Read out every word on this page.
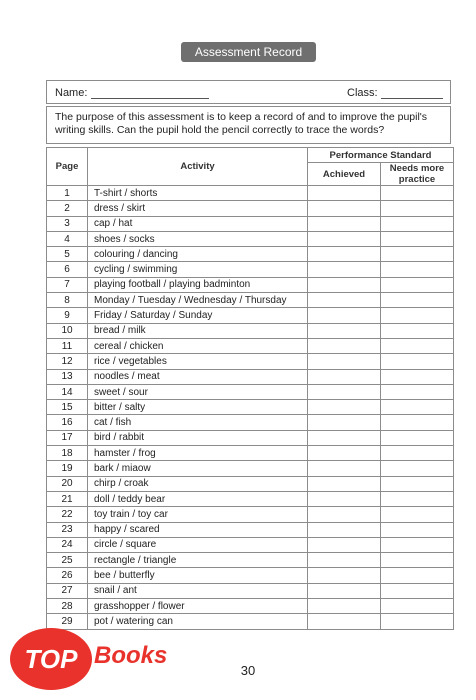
Assessment Record
Name:	Class:
The purpose of this assessment is to keep a record of and to improve the pupil's writing skills. Can the pupil hold the pencil correctly to trace the words?
Page	Activity	Performance Standard	
		Achieved	Needs more practice
1	T-shirt / shorts		
2	dress / skirt		
3	cap / hat		
4	shoes / socks		
5	colouring / dancing		
6	cycling / swimming		
7	playing football / playing badminton		
8	Monday / Tuesday / Wednesday / Thursday		
9	Friday / Saturday / Sunday		
10	bread / milk		
11	cereal / chicken		
12	rice / vegetables		
13	noodles / meat		
14	sweet / sour		
15	bitter / salty		
16	cat / fish		
17	bird / rabbit		
18	hamster / frog		
19	bark / miaow		
20	chirp / croak		
21	doll / teddy bear		
22	toy train / toy car		
23	happy / scared		
24	circle / square		
25	rectangle / triangle		
26	bee / butterfly		
27	snail / ant		
28	grasshopper / flower		
29	pot / watering can		
TOP Books
30
